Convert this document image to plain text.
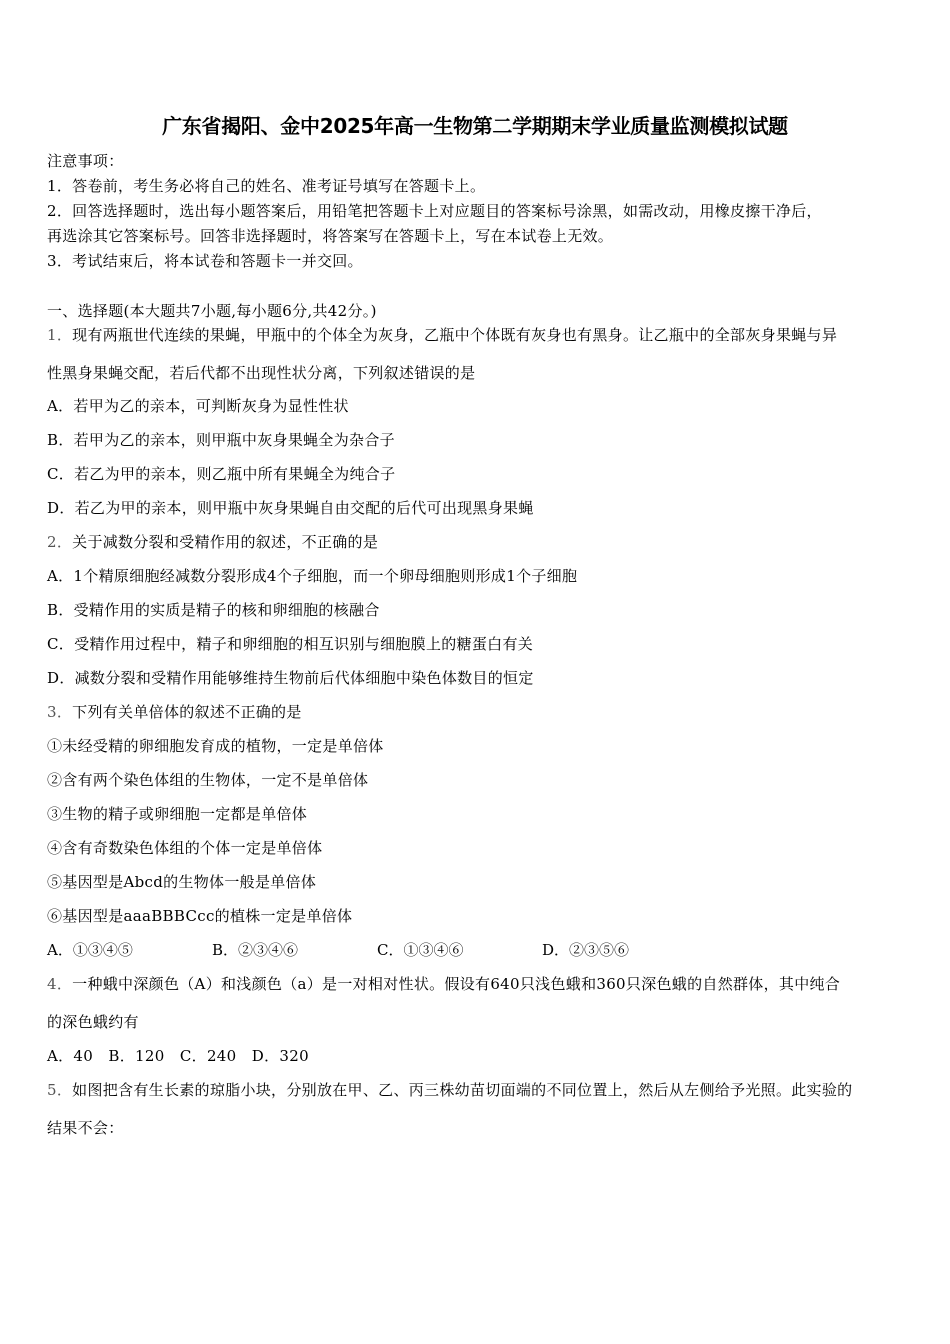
广东省揭阳、金中2025年高一生物第二学期期末学业质量监测模拟试题
注意事项：
1．答卷前，考生务必将自己的姓名、准考证号填写在答题卡上。
2．回答选择题时，选出每小题答案后，用铅笔把答题卡上对应题目的答案标号涂黑，如需改动，用橡皮擦干净后，
再选涂其它答案标号。回答非选择题时，将答案写在答题卡上，写在本试卷上无效。
3．考试结束后，将本试卷和答题卡一并交回。
一、选择题(本大题共7小题,每小题6分,共42分。)
1．现有两瓶世代连续的果蝇，甲瓶中的个体全为灰身，乙瓶中个体既有灰身也有黑身。让乙瓶中的全部灰身果蝇与异
性黑身果蝇交配，若后代都不出现性状分离，下列叙述错误的是
A．若甲为乙的亲本，可判断灰身为显性性状
B．若甲为乙的亲本，则甲瓶中灰身果蝇全为杂合子
C．若乙为甲的亲本，则乙瓶中所有果蝇全为纯合子
D．若乙为甲的亲本，则甲瓶中灰身果蝇自由交配的后代可出现黑身果蝇
2．关于减数分裂和受精作用的叙述，不正确的是
A．1个精原细胞经减数分裂形成4个子细胞，而一个卵母细胞则形成1个子细胞
B．受精作用的实质是精子的核和卵细胞的核融合
C．受精作用过程中，精子和卵细胞的相互识别与细胞膜上的糖蛋白有关
D．减数分裂和受精作用能够维持生物前后代体细胞中染色体数目的恒定
3．下列有关单倍体的叙述不正确的是
①未经受精的卵细胞发育成的植物，一定是单倍体
②含有两个染色体组的生物体，一定不是单倍体
③生物的精子或卵细胞一定都是单倍体
④含有奇数染色体组的个体一定是单倍体
⑤基因型是Abcd的生物体一般是单倍体
⑥基因型是aaaBBBCcc的植株一定是单倍体
A．①③④⑤	B．②③④⑥	C．①③④⑥	D．②③⑤⑥
4．一种蛾中深颜色（A）和浅颜色（a）是一对相对性状。假设有640只浅色蛾和360只深色蛾的自然群体，其中纯合
的深色蛾约有
A．40　B．120　C．240　D．320
5．如图把含有生长素的琼脂小块，分别放在甲、乙、丙三株幼苗切面端的不同位置上，然后从左侧给予光照。此实验的
结果不会：
